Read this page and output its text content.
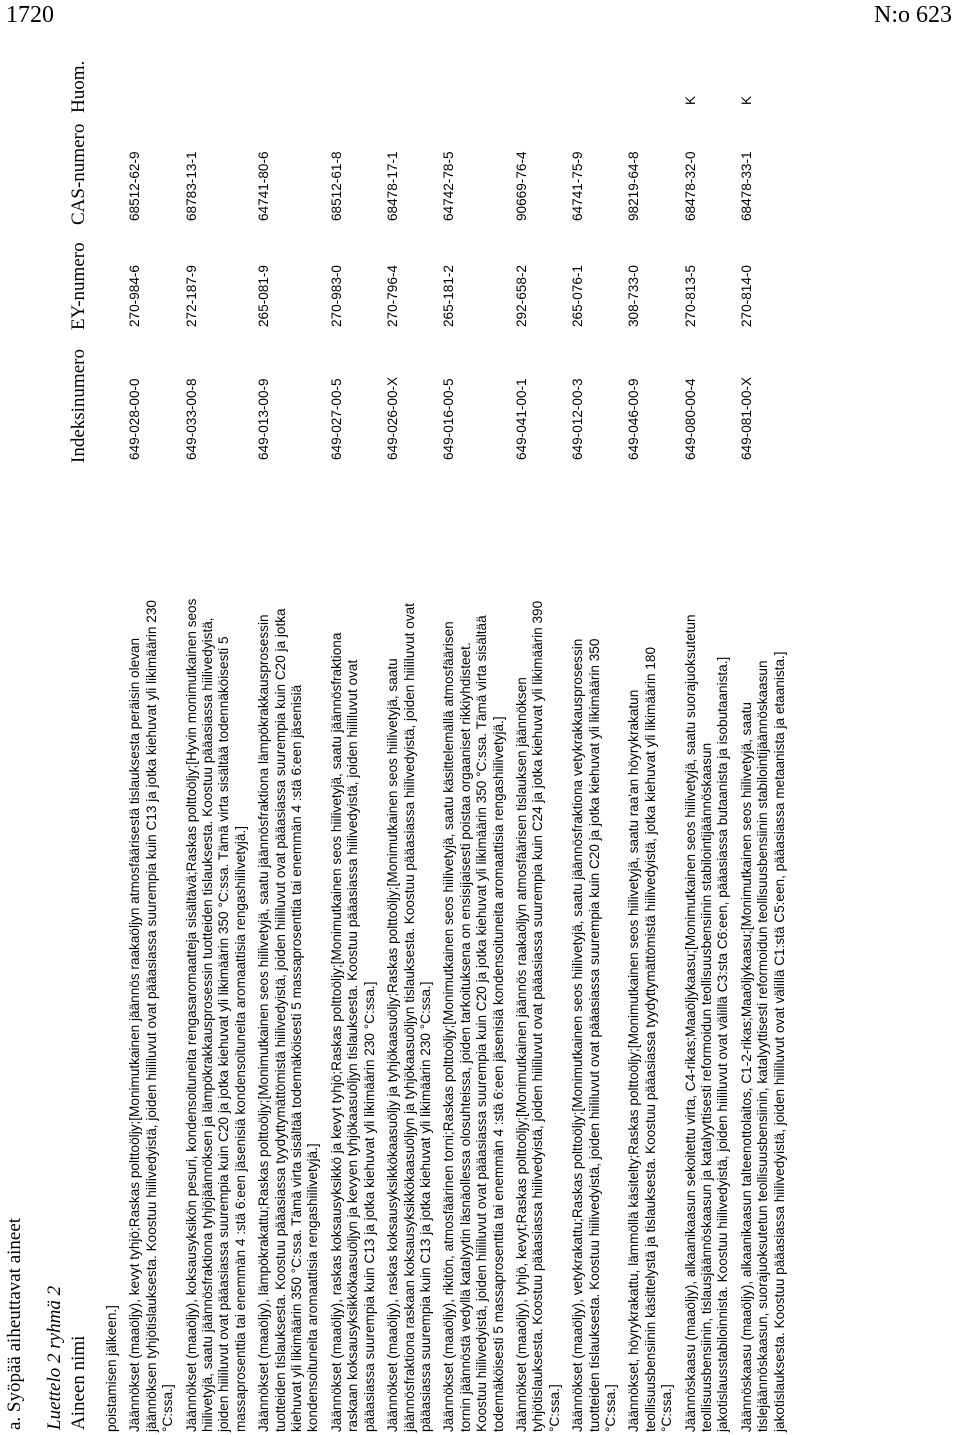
1720	N:o 623
a. Syöpää aiheuttavat aineet Luettelo 2 ryhmä 2 Aineen nimi
Indeksinumero
EY-numero
CAS-numero
Huom.
poistamisen jälkeen.] Jäännökset (maaöljy), kevyt tyhjö;Raskas polttoöljy;[Monimutkainen jäännös raakaöljyn atmosfäärisestä tislauksesta peräisin olevan jäännöksen tyhjötislauksesta. Koostuu hiilivedyistä, joiden hiililuvut ovat pääasiassa suurempia kuin C13 ja jotka kiehuvat yli likimäärin 230 °C:ssa.]
649-028-00-0
270-984-6
68512-62-9
Jäännökset (maaöljy), koksausyksikön pesuri, kondensoituneita rengasaromaatteja sisältävä;Raskas polttoöljy;[Hyvin monimutkainen seos hiilivetyjä, saatu jäännösfraktiona tyhjöjäännöksen ja lämpökrakkausprosessin tuotteiden tislauksesta. Koostuu pääasiassa hiilivedyistä, joiden hiililuvut ovat pääasiassa suurempia kuin C20 ja jotka kiehuvat yli likimäärin 350 °C:ssa. Tämä virta sisältää todennäköisesti 5 massaprosenttia tai enemmän 4 :stä 6:een jäsenisiä kondensoituneita aromaattisia rengashiilivetyjä.]
649-033-00-8
272-187-9
68783-13-1
Jäännökset (maaöljy), lämpökrakattu;Raskas polttoöljy;[Monimutkainen seos hiilivetyjä, saatu jäännösfraktiona lämpökrakkausprosessin tuotteiden tislauksesta. Koostuu pääasiassa tyydyttymättömistä hiilivedyistä, joiden hiililuvut ovat pääasiassa suurempia kuin C20 ja jotka kiehuvat yli likimäärin 350 °C:ssa. Tämä virta sisältää todennäköisesti 5 massaprosenttia tai enemmän 4 :stä 6:een jäsenisiä kondensoituneita aromaattisia rengashiilivetyjä.]
649-013-00-9
265-081-9
64741-80-6
Jäännökset (maaöljy), raskas koksausyksikkö ja kevyt tyhjö;Raskas polttoöljy;[Monimutkainen seos hiilivetyjä, saatu jäännösfraktiona raskaan koksausyksikkökaasuöljyn ja kevyen tyhjökaasuöljyn tislauksesta. Koostuu pääasiassa hiilivedyistä, joiden hiililuvut ovat pääasiassa suurempia kuin C13 ja jotka kiehuvat yli likimäärin 230 °C:ssa.]
649-027-00-5
270-983-0
68512-61-8
Jäännökset (maaöljy), raskas koksausyksikkökaasuöljy ja tyhjökaasuöljy;Raskas polttoöljy;[Monimutkainen seos hiilivetyjä, saatu jäännösfraktiona raskaan koksausyksikkökaasuöljyn ja tyhjökaasuöljyn tislauksesta. Koostuu pääasiassa hiilivedyistä, joiden hiililuvut ovat pääasiassa suurempia kuin C13 ja jotka kiehuvat yli likimäärin 230 °C:ssa.]
649-026-00-X
270-796-4
68478-17-1
Jäännökset (maaöljy), rikitön, atmosfäärinen torni;Raskas polttoöljy;[Monimutkainen seos hiilivetyjä, saatu käsittelemällä atmosfäärisen tornin jäännöstä vedyllä katalyytin läsnäollessa olosuhteissa, joiden tarkoituksena on ensisijaisesti poistaa orgaaniset rikkiyhdisteet. Koostuu hiilivedyistä, joiden hiililuvut ovat pääasiassa suurempia kuin C20 ja jotka kiehuvat yli likimäärin 350 °C:ssa. Tämä virta sisältää todennäköisesti 5 massaprosenttia tai enemmän 4 :stä 6:een jäsenisiä kondensoituneita aromaattisia rengashiilivetyjä.]
649-016-00-5
265-181-2
64742-78-5
Jäännökset (maaöljy), tyhjö, kevyt;Raskas polttoöljy;[Monimutkainen jäännös raakaöljyn atmosfäärisen tislauksen jäännöksen tyhjötislauksesta. Koostuu pääasiassa hiilivedyistä, joiden hiililuvut ovat pääasiassa suurempia kuin C24 ja jotka kiehuvat yli likimäärin 390 °C:ssa.]
649-041-00-1
292-658-2
90669-76-4
Jäännökset (maaöljy), vetykrakattu;Raskas polttoöljy;[Monimutkainen seos hiilivetyjä, saatu jäännösfraktiona vetykrakkausprosessin tuotteiden tislauksesta. Koostuu hiilivedyistä, joiden hiililuvut ovat pääasiassa suurempia kuin C20 ja jotka kiehuvat yli likimäärin 350 °C:ssa.]
649-012-00-3
265-076-1
64741-75-9
Jäännökset, höyrykrakattu, lämmöllä käsitelty;Raskas polttoöljy;[Monimutkainen seos hiilivetyjä, saatu raa'an höyrykrakatun teollisuusbensiinin käsittelystä ja tislauksesta. Koostuu pääasiassa tyydyttymättömistä hiilivedyistä, jotka kiehuvat yli likimäärin 180 °C:ssa.]
649-046-00-9
308-733-0
98219-64-8
Jäännöskaasu (maaöljy), alkaanikaasun sekoitettu virta, C4-rikas;Maaöljykaasu;[Monimutkainen seos hiilivetyjä, saatu suorajuoksutetun teollisuusbensiinin, tislausjäännöskaasun ja katalyyttisesti reformoidun teollisuusbensiinin stabilointijäännöskaasun jakotislausstabiloinnista. Koostuu hiilivedyistä, joiden hiililuvut ovat välillä C3:sta C6:een, pääasiassa butaanista ja isobutaanista.]
649-080-00-4
270-813-5
68478-32-0
K
Jäännöskaasu (maaöljy), alkaanikaasun talteenottolaitos, C1-2-rikas;Maaöljykaasu;[Monimutkainen seos hiilivetyjä, saatu tislejäännöskaasun, suorajuoksutetun teollisuusbensiinin, katalyyttisesti reformoidun teollisuusbensiinin stabilointijäännöskaasun jakotislauksesta. Koostuu pääasiassa hiilivedyistä, joiden hiililuvut ovat välillä C1:stä C5:een, pääasiassa metaanista ja etaanista.]
649-081-00-X
270-814-0
68478-33-1
K
